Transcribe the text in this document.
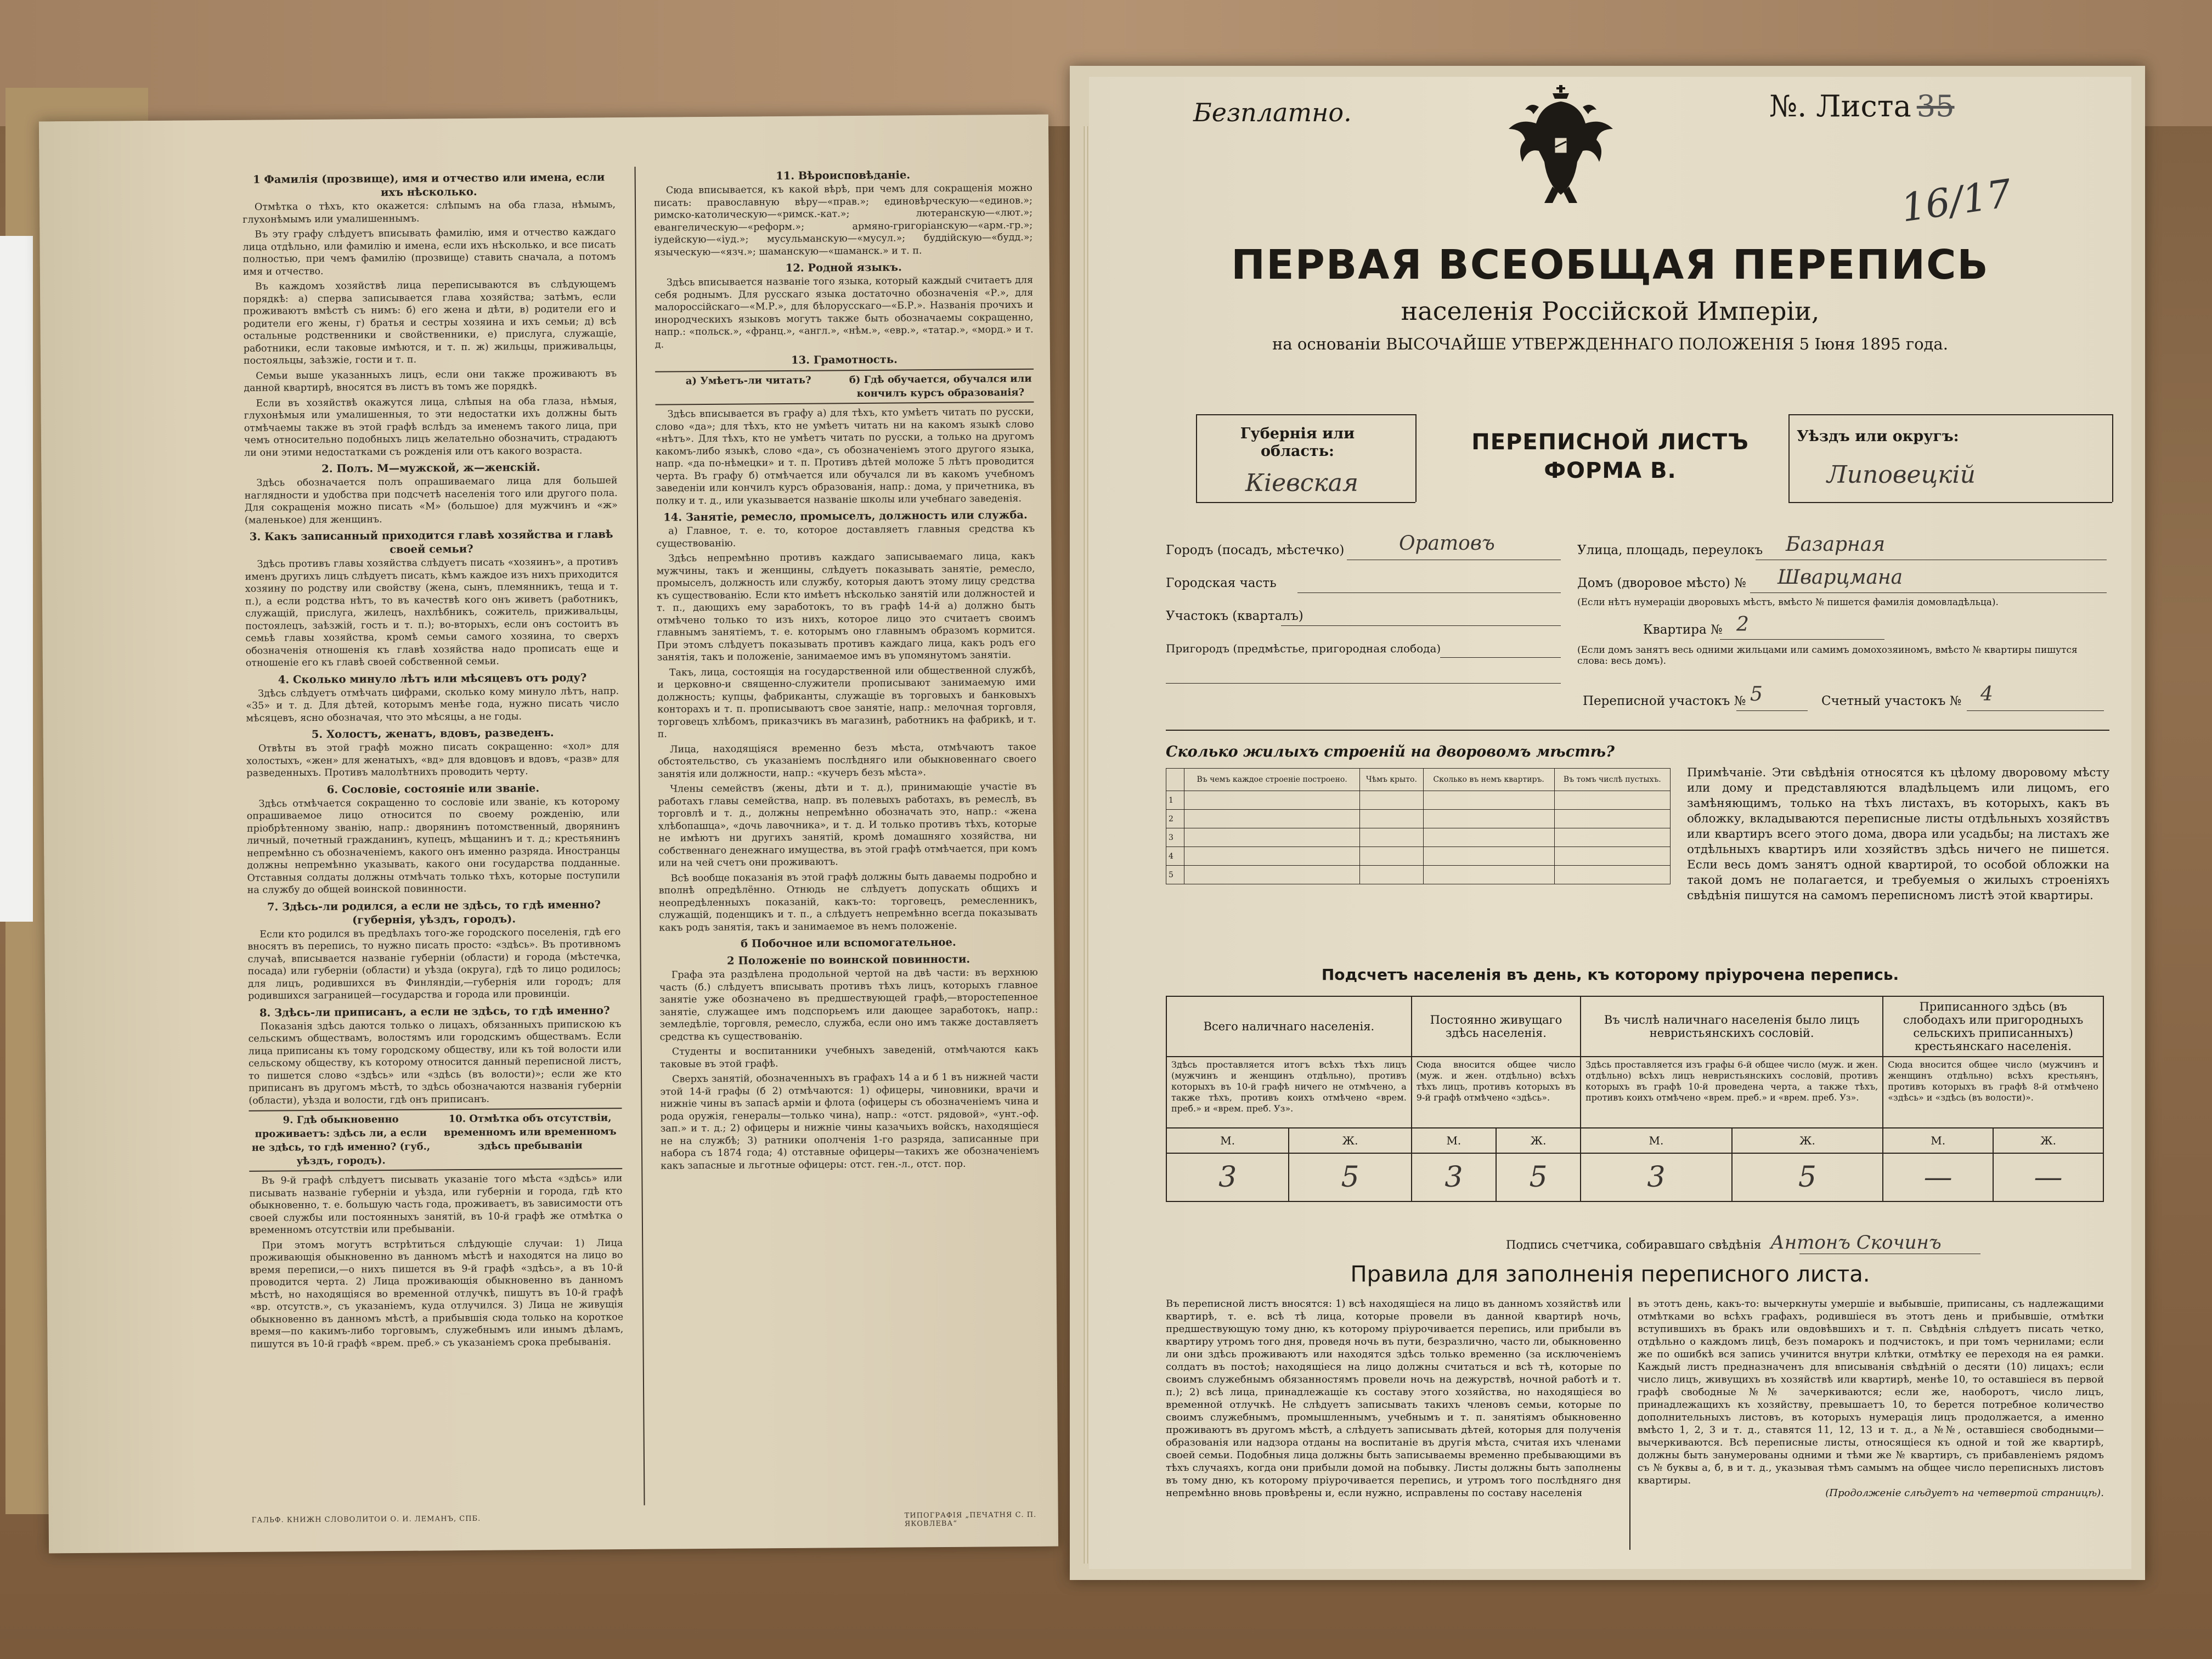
1 Фамилія (прозвище), имя и отчество или имена, если ихъ нѣсколько.
Отмѣтка о тѣхъ, кто окажется: слѣпымъ на оба глаза, нѣмымъ, глухонѣмымъ или умалишеннымъ.
Въ эту графу слѣдуетъ вписывать фамилію, имя и отчество каждаго лица отдѣльно, или фамилію и имена, если ихъ нѣсколько, и все писать полностью, при чемъ фамилію (прозвище) ставить сначала, а потомъ имя и отчество.
Въ каждомъ хозяйствѣ лица переписываются въ слѣдующемъ порядкѣ: а) сперва записывается глава хозяйства; затѣмъ, если проживаютъ вмѣстѣ съ нимъ: б) его жена и дѣти, в) родители его и родители его жены, г) братья и сестры хозяина и ихъ семьи; д) всѣ остальные родственники и свойственники, е) прислуга, служащіе, работники, если таковые имѣются, и т. п. ж) жильцы, приживальцы, постояльцы, заѣзжіе, гости и т. п.
Семьи выше указанныхъ лицъ, если они также проживаютъ въ данной квартирѣ, вносятся въ листъ въ томъ же порядкѣ.
Если въ хозяйствѣ окажутся лица, слѣпыя на оба глаза, нѣмыя, глухонѣмыя или умалишенныя, то эти недостатки ихъ должны быть отмѣчаемы также въ этой графѣ вслѣдъ за именемъ такого лица, при чемъ относительно подобныхъ лицъ желательно обозначить, страдаютъ ли они этими недостатками съ рожденія или отъ какого возраста.
2. Полъ. М—мужской, ж—женскій.
Здѣсь обозначается полъ опрашиваемаго лица для большей наглядности и удобства при подсчетѣ населенія того или другого пола. Для сокращенія можно писать «М» (большое) для мужчинъ и «ж» (маленькое) для женщинъ.
3. Какъ записанный приходится главѣ хозяйства и главѣ своей семьи?
Здѣсь противъ главы хозяйства слѣдуетъ писать «хозяинъ», а противъ именъ другихъ лицъ слѣдуетъ писать, кѣмъ каждое изъ нихъ приходится хозяину по родству или свойству (жена, сынъ, племянникъ, теща и т. п.), а если родства нѣтъ, то въ качествѣ кого онъ живетъ (работникъ, служащій, прислуга, жилецъ, нахлѣбникъ, сожитель, приживальцы, постоялецъ, заѣзжій, гость и т. п.); во-вторыхъ, если онъ состоитъ въ семьѣ главы хозяйства, кромѣ семьи самого хозяина, то сверхъ обозначенія отношенія къ главѣ хозяйства надо прописать еще и отношеніе его къ главѣ своей собственной семьи.
4. Сколько минуло лѣтъ или мѣсяцевъ отъ роду?
Здѣсь слѣдуетъ отмѣчать цифрами, сколько кому минуло лѣтъ, напр. «35» и т. д. Для дѣтей, которымъ менѣе года, нужно писать число мѣсяцевъ, ясно обозначая, что это мѣсяцы, а не годы.
5. Холостъ, женатъ, вдовъ, разведенъ.
Отвѣты въ этой графѣ можно писать сокращенно: «хол» для холостыхъ, «жен» для женатыхъ, «вд» для вдовцовъ и вдовъ, «разв» для разведенныхъ. Противъ малолѣтнихъ проводить черту.
6. Сословіе, состояніе или званіе.
Здѣсь отмѣчается сокращенно то сословіе или званіе, къ которому опрашиваемое лицо относится по своему рожденію, или пріобрѣтенному званію, напр.: дворянинъ потомственный, дворянинъ личный, почетный гражданинъ, купецъ, мѣщанинъ и т. д.; крестьянинъ непремѣнно съ обозначеніемъ, какого онъ именно разряда. Иностранцы должны непремѣнно указывать, какого они государства подданные. Отставныя солдаты должны отмѣчать только тѣхъ, которые поступили на службу до общей воинской повинности.
7. Здѣсь-ли родился, а если не здѣсь, то гдѣ именно? (губернія, уѣздъ, городъ).
Если кто родился въ предѣлахъ того-же городского поселенія, гдѣ его вносятъ въ перепись, то нужно писать просто: «здѣсь». Въ противномъ случаѣ, вписывается названіе губерніи (области) и города (мѣстечка, посада) или губерніи (области) и уѣзда (округа), гдѣ то лицо родилось; для лицъ, родившихся въ Финляндіи,—губернія или городъ; для родившихся заграницей—государства и города или провинціи.
8. Здѣсь-ли приписанъ, а если не здѣсь, то гдѣ именно?
Показанія здѣсь даются только о лицахъ, обязанныхъ припискою къ сельскимъ обществамъ, волостямъ или городскимъ обществамъ. Если лица приписаны къ тому городскому обществу, или къ той волости или сельскому обществу, къ которому относится данный переписной листъ, то пишется слово «здѣсь» или «здѣсь (въ волости)»; если же кто приписанъ въ другомъ мѣстѣ, то здѣсь обозначаются названія губерніи (области), уѣзда и волости, гдѣ онъ приписанъ.
9. Гдѣ обыкновенно проживаетъ: здѣсь ли, а если не здѣсь, то гдѣ именно? (губ., уѣздъ, городъ).
10. Отмѣтка объ отсутствіи, временномъ или временномъ здѣсь пребываніи
Въ 9-й графѣ слѣдуетъ писывать указаніе того мѣста «здѣсь» или писывать названіе губерніи и уѣзда, или губерніи и города, гдѣ кто обыкновенно, т. е. большую часть года, проживаетъ, въ зависимости отъ своей службы или постоянныхъ занятій, въ 10-й графѣ же отмѣтка о временномъ отсутствіи или пребываніи.
При этомъ могутъ встрѣтиться слѣдующіе случаи: 1) Лица проживающія обыкновенно въ данномъ мѣстѣ и находятся на лицо во время переписи,—о нихъ пишется въ 9-й графѣ «здѣсь», а въ 10-й проводится черта. 2) Лица проживающія обыкновенно въ данномъ мѣстѣ, но находящіяся во временной отлучкѣ, пишутъ въ 10-й графѣ «вр. отсутств.», съ указаніемъ, куда отлучился. 3) Лица не живущія обыкновенно въ данномъ мѣстѣ, а прибывшія сюда только на короткое время—по какимъ-либо торговымъ, служебнымъ или инымъ дѣламъ, пишутся въ 10-й графѣ «врем. преб.» съ указаніемъ срока пребыванія.
11. Вѣроисповѣданіе.
Сюда вписывается, къ какой вѣрѣ, при чемъ для сокращенія можно писать: православную вѣру—«прав.»; единовѣрческую—«единов.»; римско-католическую—«римск.-кат.»; лютеранскую—«лют.»; евангелическую—«реформ.»; армяно-григоріанскую—«арм.-гр.»; іудейскую—«іуд.»; мусульманскую—«мусул.»; буддійскую—«будд.»; языческую—«язч.»; шаманскую—«шаманск.» и т. п.
12. Родной языкъ.
Здѣсь вписывается названіе того языка, который каждый считаетъ для себя роднымъ. Для русскаго языка достаточно обозначенія «Р.», для малороссійскаго—«М.Р.», для бѣлорусскаго—«Б.Р.». Названія прочихъ и инородческихъ языковъ могутъ также быть обозначаемы сокращенно, напр.: «польск.», «франц.», «англ.», «нѣм.», «евр.», «татар.», «морд.» и т. д.
13. Грамотность.
а) Умѣетъ-ли читать?	б) Гдѣ обучается, обучался или кончилъ курсъ образованія?
Здѣсь вписывается въ графу а) для тѣхъ, кто умѣетъ читать по русски, слово «да»; для тѣхъ, кто не умѣетъ читать ни на какомъ языкѣ слово «нѣтъ». Для тѣхъ, кто не умѣетъ читать по русски, а только на другомъ какомъ-либо языкѣ, слово «да», съ обозначеніемъ этого другого языка, напр. «да по-нѣмецки» и т. п. Противъ дѣтей моложе 5 лѣтъ проводится черта. Въ графу б) отмѣчается или обучался ли въ какомъ учебномъ заведеніи или кончилъ курсъ образованія, напр.: дома, у причетника, въ полку и т. д., или указывается названіе школы или учебнаго заведенія.
14. Занятіе, ремесло, промыселъ, должность или служба.
а) Главное, т. е. то, которое доставляетъ главныя средства къ существованію.
Здѣсь непремѣнно противъ каждаго записываемаго лица, какъ мужчины, такъ и женщины, слѣдуетъ показывать занятіе, ремесло, промыселъ, должность или службу, которыя даютъ этому лицу средства къ существованію. Если кто имѣетъ нѣсколько занятій или должностей и т. п., дающихъ ему заработокъ, то въ графѣ 14-й а) должно быть отмѣчено только то изъ нихъ, которое лицо это считаетъ своимъ главнымъ занятіемъ, т. е. которымъ оно главнымъ образомъ кормится. При этомъ слѣдуетъ показывать противъ каждаго лица, какъ родъ его занятія, такъ и положеніе, занимаемое имъ въ упомянутомъ занятіи.
Такъ, лица, состоящія на государственной или общественной службѣ, и церковно-и священно-служители прописывают занимаемую ими должность; купцы, фабриканты, служащіе въ торговыхъ и банковыхъ конторахъ и т. п. прописываютъ свое занятіе, напр.: мелочная торговля, торговецъ хлѣбомъ, приказчикъ въ магазинѣ, работникъ на фабрикѣ, и т. п.
Лица, находящіяся временно безъ мѣста, отмѣчаютъ такое обстоятельство, съ указаніемъ послѣдняго или обыкновеннаго своего занятія или должности, напр.: «кучеръ безъ мѣста».
Члены семействъ (жены, дѣти и т. д.), принимающіе участіе въ работахъ главы семейства, напр. въ полевыхъ работахъ, въ ремеслѣ, въ торговлѣ и т. д., должны непремѣнно обозначать это, напр.: «жена хлѣбопашца», «дочь лавочника», и т. д. И только противъ тѣхъ, которые не имѣютъ ни другихъ занятій, кромѣ домашняго хозяйства, ни собственнаго денежнаго имущества, въ этой графѣ отмѣчается, при комъ или на чей счетъ они проживаютъ.
Всѣ вообще показанія въ этой графѣ должны быть даваемы подробно и вполнѣ опредѣлённо. Отнюдь не слѣдуетъ допускать общихъ и неопредѣленныхъ показаній, какъ-то: торговецъ, ремесленникъ, служащій, поденщикъ и т. п., а слѣдуетъ непремѣнно всегда показывать какъ родъ занятія, такъ и занимаемое въ немъ положеніе.
б Побочное или вспомогательное.
2 Положеніе по воинской повинности.
Графа эта раздѣлена продольной чертой на двѣ части: въ верхнюю часть (б.) слѣдуетъ вписывать противъ тѣхъ лицъ, которыхъ главное занятіе уже обозначено въ предшествующей графѣ,—второстепенное занятіе, служащее имъ подспорьемъ или дающее заработокъ, напр.: земледѣліе, торговля, ремесло, служба, если оно имъ также доставляетъ средства къ существованію.
Студенты и воспитанники учебныхъ заведеній, отмѣчаются какъ таковые въ этой графѣ.
Сверхъ занятій, обозначенныхъ въ графахъ 14 а и б 1 въ нижней части этой 14-й графы (б 2) отмѣчаются: 1) офицеры, чиновники, врачи и нижніе чины въ запасѣ арміи и флота (офицеры съ обозначеніемъ чина и рода оружія, генералы—только чина), напр.: «отст. рядовой», «унт.-оф. зап.» и т. д.; 2) офицеры и нижніе чины казачьихъ войскъ, находящіеся не на службѣ; 3) ратники ополченія 1-го разряда, записанные при набора съ 1874 года; 4) отставные офицеры—такихъ же обозначеніемъ какъ запасные и льготные офицеры: отст. ген.-л., отст. пор.
ГАЛЬФ. КНИЖН СЛОВОЛИТОИ О. И. ЛЕМАНЪ, СПБ.	ТИПОГРАФІЯ „ПЕЧАТНЯ С. П. ЯКОВЛЕВА“
Безплатно.	№. Листа 35
16/17
ПЕРВАЯ ВСЕОБЩАЯ ПЕРЕПИСЬ
населенія Россійской Имперіи,
на основаніи ВЫСОЧАЙШЕ УТВЕРЖДЕННАГО ПОЛОЖЕНІЯ 5 Іюня 1895 года.
Губернія или область:
Кіевская
ПЕРЕПИСНОЙ ЛИСТЪ
ФОРМА В.
Уѣздъ или округъ:
Липовецкій
Городъ (посадъ, мѣстечко)	Оратовъ
Городская часть
Участокъ (кварталъ)
Пригородъ (предмѣстье, пригородная слобода)
Улица, площадь, переулокъ Базарная
Домъ (дворовое мѣсто) № Шварцмана
(Если нѣтъ нумераціи дворовыхъ мѣстъ, вмѣсто № пишется фамилія домовладѣльца).
Квартира № 2
(Если домъ занятъ весь одними жильцами или самимъ домохозяиномъ, вмѣсто № квартиры пишутся слова: весь домъ).
Переписной участокъ № 5	Счетный участокъ № 4
Сколько жилыхъ строеній на дворовомъ мѣстѣ?
	Въ чемъ каждое строеніе построено.	Чѣмъ крыто.	Сколько въ немъ квартиръ.	Въ томъ числѣ пустыхъ.
1				
2				
3				
4				
5				
Примѣчаніе. Эти свѣдѣнія относятся къ цѣлому дворовому мѣсту или дому и представляются владѣльцемъ или лицомъ, его замѣняющимъ, только на тѣхъ листахъ, въ которыхъ, какъ въ обложку, вкладываются переписные листы отдѣльныхъ хозяйствъ или квартиръ всего этого дома, двора или усадьбы; на листахъ же отдѣльныхъ квартиръ или хозяйствъ здѣсь ничего не пишется. Если весь домъ занятъ одной квартирой, то особой обложки на такой домъ не полагается, и требуемыя о жилыхъ строеніяхъ свѣдѣнія пишутся на самомъ переписномъ листѣ этой квартиры.
Подсчетъ населенія въ день, къ которому пріурочена перепись.
Всего наличнаго населенія.		Постоянно живущаго здѣсь населенія.		Въ числѣ наличнаго населенія было лицъ невристьянскихъ сословій.		Приписанного здѣсь (въ слободахъ или пригородныхъ сельскихъ приписанныхъ) крестьянскаго населенія.	
Здѣсь проставляется итогъ всѣхъ тѣхъ лицъ (мужчинъ и женщинъ отдѣльно), противъ которыхъ въ 10-й графѣ ничего не отмѣчено, а также тѣхъ, противъ коихъ отмѣчено «врем. преб.» и «врем. преб. Уз».		Сюда вносится общее число (муж. и жен. отдѣльно) всѣхъ тѣхъ лицъ, противъ которыхъ въ 9-й графѣ отмѣчено «здѣсь».		Здѣсь проставляется изъ графы 6-й общее число (муж. и жен. отдѣльно) всѣхъ лицъ невристьянскихъ сословій, противъ которыхъ въ графѣ 10-й проведена черта, а также тѣхъ, противъ коихъ отмѣчено «врем. преб.» и «врем. преб. Уз».		Сюда вносится общее число (мужчинъ и женщинъ отдѣльно) всѣхъ крестьянъ, противъ которыхъ въ графѣ 8-й отмѣчено «здѣсь» и «здѣсь (въ волости)».	
М.	Ж.	М.	Ж.	М.	Ж.	М.	Ж.
3	5	3	5	3	5	—	—
Подпись счетчика, собиравшаго свѣдѣнія Антонъ Скочинъ
Правила для заполненія переписного листа.
Въ переписной листъ вносятся: 1) всѣ находящіеся на лицо въ данномъ хозяйствѣ или квартирѣ, т. е. всѣ тѣ лица, которые провели въ данной квартирѣ ночь, предшествующую тому дню, къ которому пріурочивается перепись, или прибыли въ квартиру утромъ того дня, проведя ночь въ пути, безразлично, часто ли, обыкновенно ли они здѣсь проживаютъ или находятся здѣсь только временно (за исключеніемъ солдатъ въ постоѣ; находящіеся на лицо должны считаться и всѣ тѣ, которые по своимъ служебнымъ обязанностямъ провели ночь на дежурствѣ, ночной работѣ и т. п.); 2) всѣ лица, принадлежащіе къ составу этого хозяйства, но находящіеся во временной отлучкѣ. Не слѣдуетъ записывать такихъ членовъ семьи, которые по своимъ служебнымъ, промышленнымъ, учебнымъ и т. п. занятіямъ обыкновенно проживаютъ въ другомъ мѣстѣ, а слѣдуетъ записывать дѣтей, которыя для полученія образованія или надзора отданы на воспитаніе въ другія мѣста, считая ихъ членами своей семьи. Подобныя лица должны быть записываемы временно пребывающими въ тѣхъ случаяхъ, когда они прибыли домой на побывку. Листы должны быть заполнены въ тому дню, къ которому пріурочивается перепись, и утромъ того послѣдняго дня непремѣнно вновь провѣрены и, если нужно, исправлены по составу населенія
въ этотъ день, какъ-то: вычеркнуты умершіе и выбывшіе, приписаны, съ надлежащими отмѣтками во всѣхъ графахъ, родившіеся въ этотъ день и прибывшіе, отмѣтки вступившихъ въ бракъ или овдовѣвшихъ и т. п. Свѣдѣнія слѣдуетъ писать четко, отдѣльно о каждомъ лицѣ, безъ помарокъ и подчистокъ, и при томъ чернилами; если же по ошибкѣ вся запись учинится внутри клѣтки, отмѣтку ее переходя на ея рамки. Каждый листъ предназначенъ для вписыванія свѣдѣній о десяти (10) лицахъ; если число лицъ, живущихъ въ хозяйствѣ или квартирѣ, менѣе 10, то оставшіеся въ первой графѣ свободные №№ зачеркиваются; если же, наоборотъ, число лицъ, принадлежащихъ къ хозяйству, превышаетъ 10, то берется потребное количество дополнительныхъ листовъ, въ которыхъ нумерація лицъ продолжается, а именно вмѣсто 1, 2, 3 и т. д., ставятся 11, 12, 13 и т. д., а №№, оставшіеся свободными—вычеркиваются. Всѣ переписные листы, относящіеся къ одной и той же квартирѣ, должны быть занумерованы одними и тѣми же № квартиръ, съ прибавленіемъ рядомъ съ № буквы а, б, в и т. д., указывая тѣмъ самымъ на общее число переписныхъ листовъ квартиры.
(Продолженіе слѣдуетъ на четвертой страницѣ).
